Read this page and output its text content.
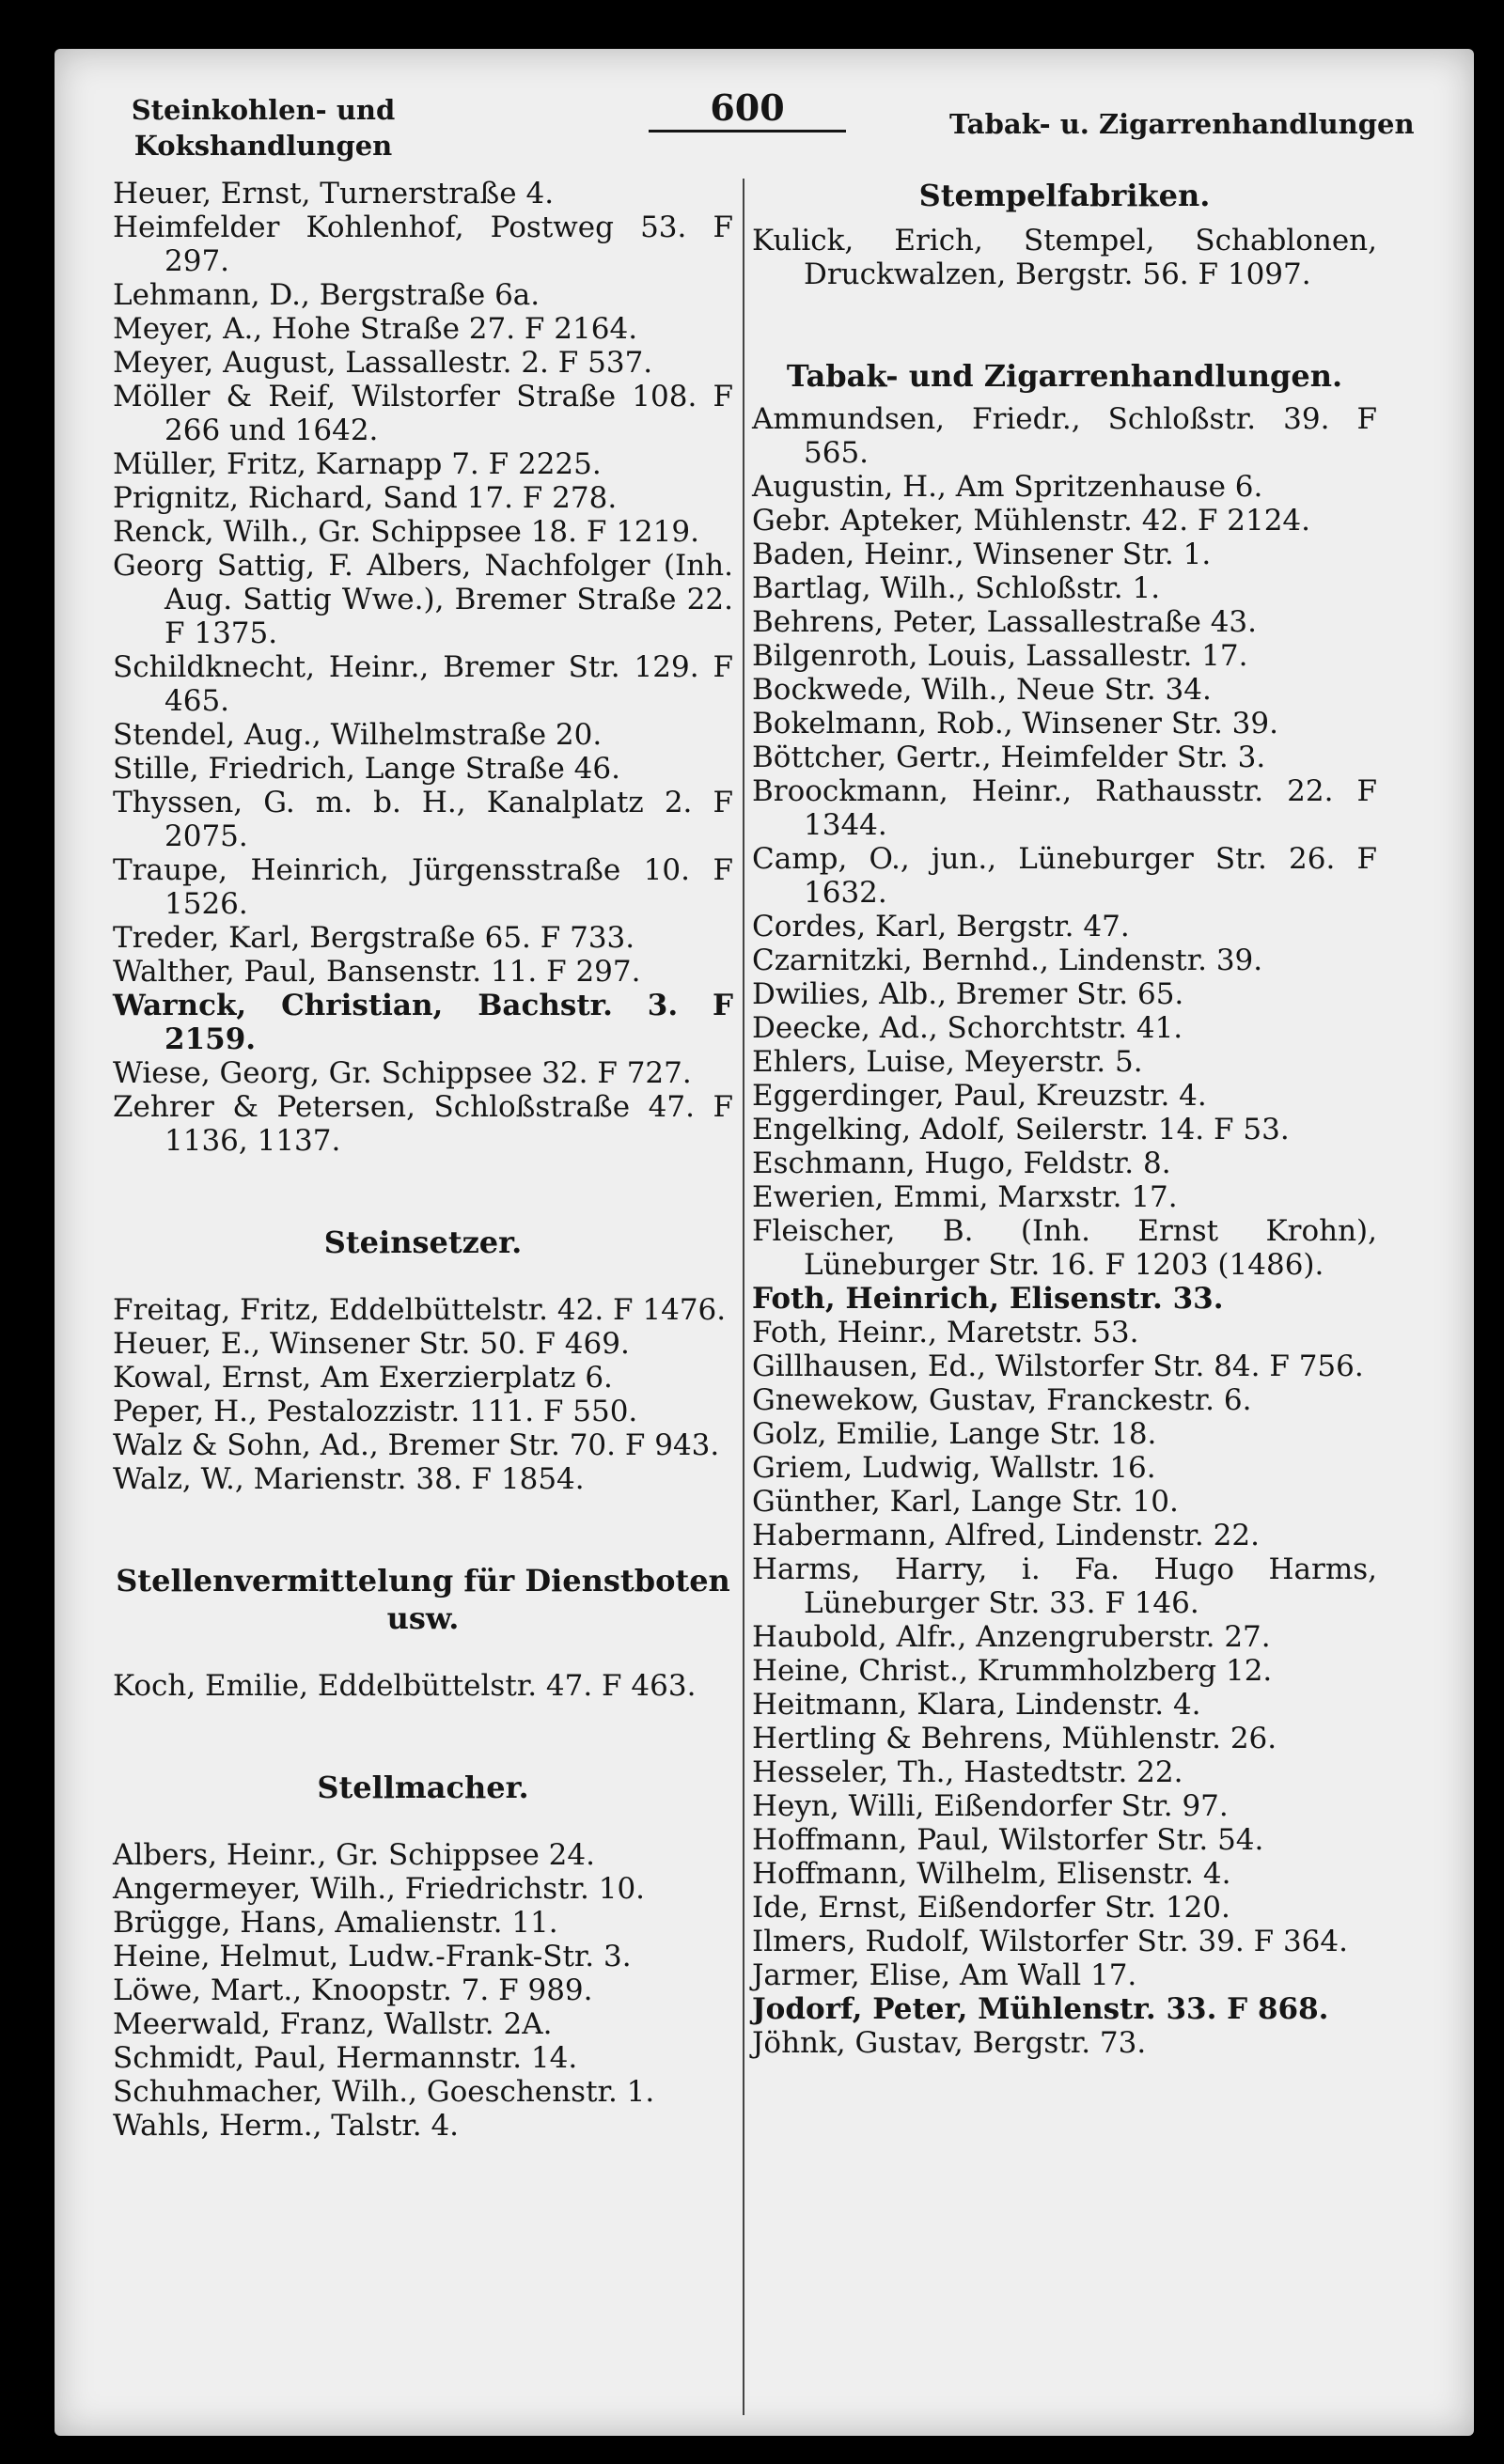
Steinkohlen- und Kokshandlungen
600	Tabak- u. Zigarrenhandlungen
Heuer, Ernst, Turnerstraße 4.
Heimfelder Kohlenhof, Postweg 53. F 297.
Lehmann, D., Bergstraße 6a.
Meyer, A., Hohe Straße 27. F 2164.
Meyer, August, Lassallestr. 2. F 537.
Möller & Reif, Wilstorfer Straße 108. F 266 und 1642.
Müller, Fritz, Karnapp 7. F 2225.
Prignitz, Richard, Sand 17. F 278.
Renck, Wilh., Gr. Schippsee 18. F 1219.
Georg Sattig, F. Albers, Nachfolger (Inh. Aug. Sattig Wwe.), Bremer Straße 22. F 1375.
Schildknecht, Heinr., Bremer Str. 129. F 465.
Stendel, Aug., Wilhelmstraße 20.
Stille, Friedrich, Lange Straße 46.
Thyssen, G. m. b. H., Kanalplatz 2. F 2075.
Traupe, Heinrich, Jürgensstraße 10. F 1526.
Treder, Karl, Bergstraße 65. F 733.
Walther, Paul, Bansenstr. 11. F 297.
Warnck, Christian, Bachstr. 3. F 2159.
Wiese, Georg, Gr. Schippsee 32. F 727.
Zehrer & Petersen, Schloßstraße 47. F 1136, 1137.
Steinsetzer.
Freitag, Fritz, Eddelbüttelstr. 42. F 1476.
Heuer, E., Winsener Str. 50. F 469.
Kowal, Ernst, Am Exerzierplatz 6.
Peper, H., Pestalozzistr. 111. F 550.
Walz & Sohn, Ad., Bremer Str. 70. F 943.
Walz, W., Marienstr. 38. F 1854.
Stellenvermittelung für Dienstboten usw.
Koch, Emilie, Eddelbüttelstr. 47. F 463.
Stellmacher.
Albers, Heinr., Gr. Schippsee 24.
Angermeyer, Wilh., Friedrichstr. 10.
Brügge, Hans, Amalienstr. 11.
Heine, Helmut, Ludw.-Frank-Str. 3.
Löwe, Mart., Knoopstr. 7. F 989.
Meerwald, Franz, Wallstr. 2A.
Schmidt, Paul, Hermannstr. 14.
Schuhmacher, Wilh., Goeschenstr. 1.
Wahls, Herm., Talstr. 4.
Stempelfabriken.
Kulick, Erich, Stempel, Schablonen, Druckwalzen, Bergstr. 56. F 1097.
Tabak- und Zigarrenhandlungen.
Ammundsen, Friedr., Schloßstr. 39. F 565.
Augustin, H., Am Spritzenhause 6.
Gebr. Apteker, Mühlenstr. 42. F 2124.
Baden, Heinr., Winsener Str. 1.
Bartlag, Wilh., Schloßstr. 1.
Behrens, Peter, Lassallestraße 43.
Bilgenroth, Louis, Lassallestr. 17.
Bockwede, Wilh., Neue Str. 34.
Bokelmann, Rob., Winsener Str. 39.
Böttcher, Gertr., Heimfelder Str. 3.
Broockmann, Heinr., Rathausstr. 22. F 1344.
Camp, O., jun., Lüneburger Str. 26. F 1632.
Cordes, Karl, Bergstr. 47.
Czarnitzki, Bernhd., Lindenstr. 39.
Dwilies, Alb., Bremer Str. 65.
Deecke, Ad., Schorchtstr. 41.
Ehlers, Luise, Meyerstr. 5.
Eggerdinger, Paul, Kreuzstr. 4.
Engelking, Adolf, Seilerstr. 14. F 53.
Eschmann, Hugo, Feldstr. 8.
Ewerien, Emmi, Marxstr. 17.
Fleischer, B. (Inh. Ernst Krohn), Lüneburger Str. 16. F 1203 (1486).
Foth, Heinrich, Elisenstr. 33.
Foth, Heinr., Maretstr. 53.
Gillhausen, Ed., Wilstorfer Str. 84. F 756.
Gnewekow, Gustav, Franckestr. 6.
Golz, Emilie, Lange Str. 18.
Griem, Ludwig, Wallstr. 16.
Günther, Karl, Lange Str. 10.
Habermann, Alfred, Lindenstr. 22.
Harms, Harry, i. Fa. Hugo Harms, Lüneburger Str. 33. F 146.
Haubold, Alfr., Anzengruberstr. 27.
Heine, Christ., Krummholzberg 12.
Heitmann, Klara, Lindenstr. 4.
Hertling & Behrens, Mühlenstr. 26.
Hesseler, Th., Hastedtstr. 22.
Heyn, Willi, Eißendorfer Str. 97.
Hoffmann, Paul, Wilstorfer Str. 54.
Hoffmann, Wilhelm, Elisenstr. 4.
Ide, Ernst, Eißendorfer Str. 120.
Ilmers, Rudolf, Wilstorfer Str. 39. F 364.
Jarmer, Elise, Am Wall 17.
Jodorf, Peter, Mühlenstr. 33. F 868.
Jöhnk, Gustav, Bergstr. 73.
